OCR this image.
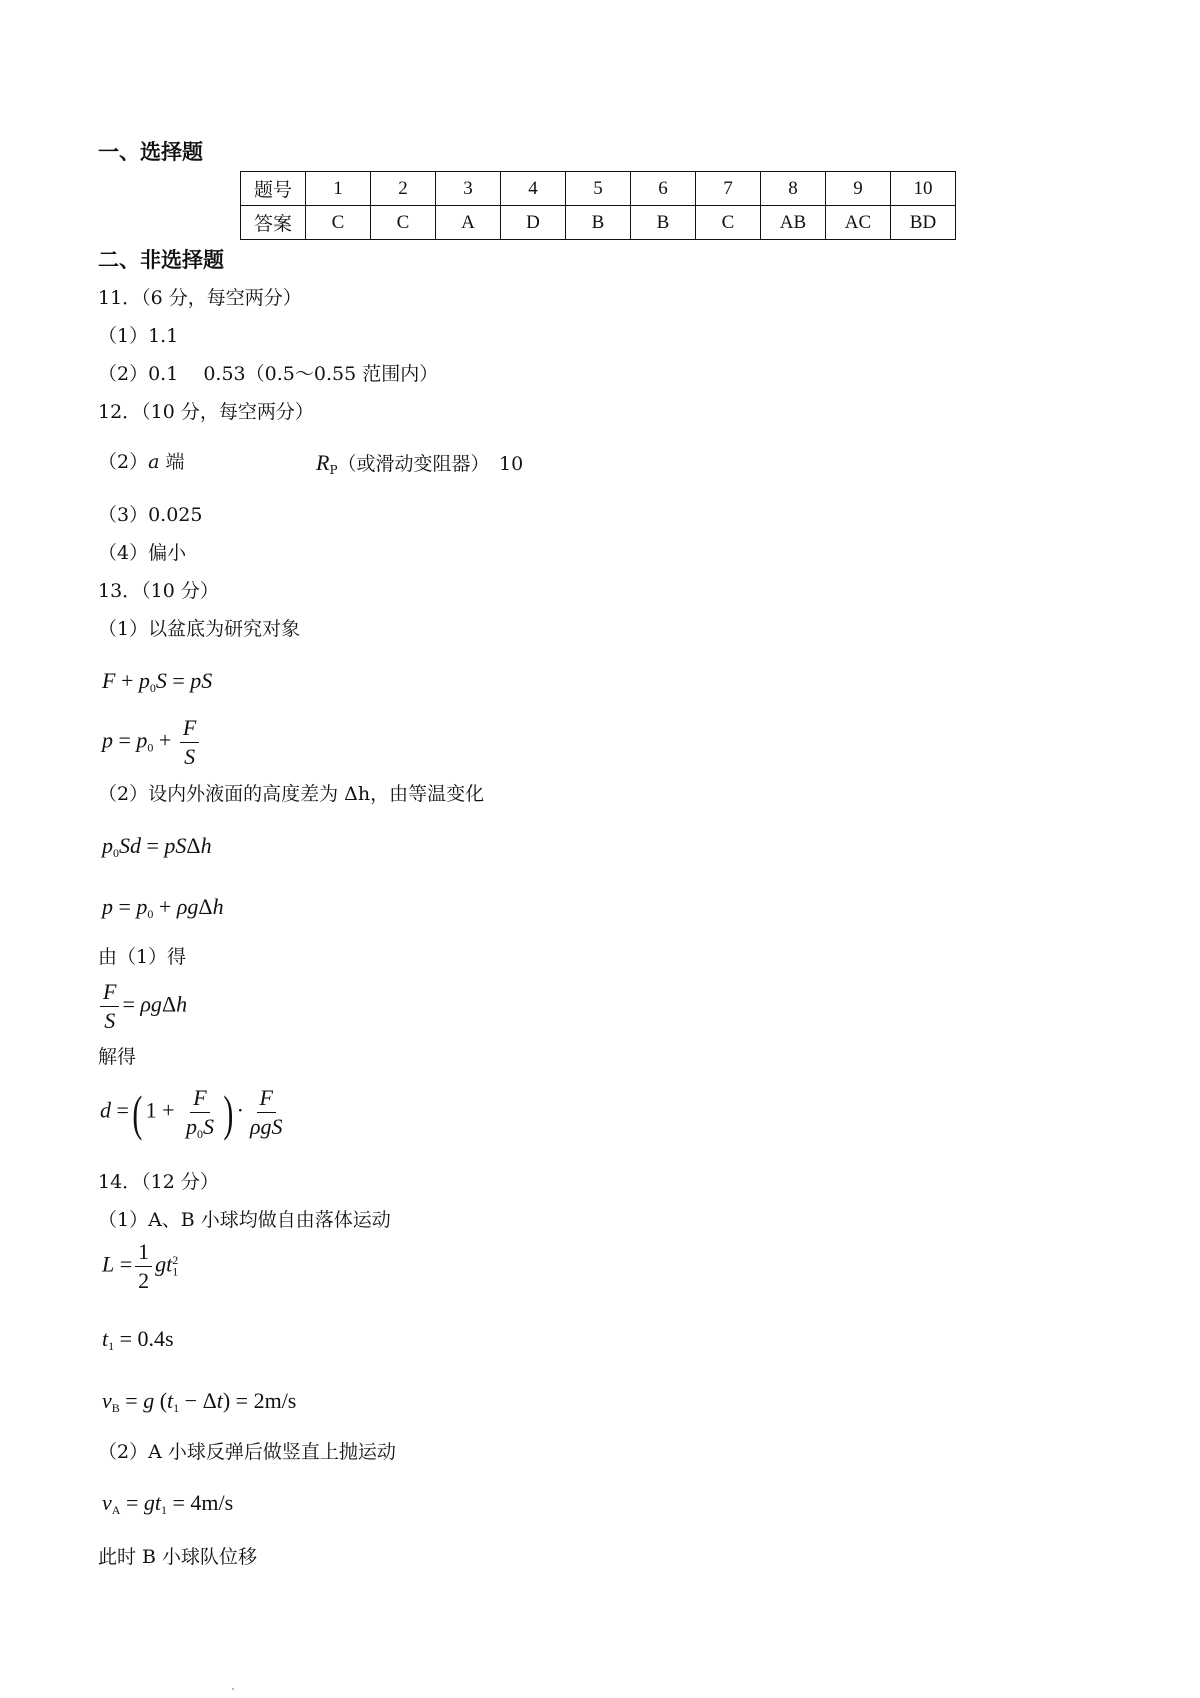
一、选择题
题号	1	2	3	4	5	6	7	8	9	10
答案	C	C	A	D	B	B	C	AB	AC	BD
二、非选择题
11．（6 分，每空两分）
（1）1.1
（2）0.1　 0.53（0.5～0.55 范围内）
12．（10 分，每空两分）
（2）a 端	$R_P$（或滑动变阻器）　10
（3）0.025
（4）偏小
13．（10 分）
（1）以盆底为研究对象
$F + p_0S$ = pS
$p = p_0 + \frac{F}{S}$
（2）设内外液面的高度差为 Δh，由等温变化
$p_0Sd = pS\Delta h$
$p = p_0 + \rho g\Delta h$
由（1）得
$\frac{F}{S} = \rho g\Delta h$
解得
d =( $1 + \frac{F}{p_0S}$ ) · $\frac{F}{\text{ρgS}}$
14．（12 分）
（1）A、B 小球均做自由落体运动
$L = \frac{1}{2} gt_1^2$
$t_1 = 0.4s$
$v_B = g$ $(t_1 - \Delta t) = 2m/s$
（2）A 小球反弹后做竖直上抛运动
$v_A = gt_1 = 4m/s$
此时 B 小球队位移
